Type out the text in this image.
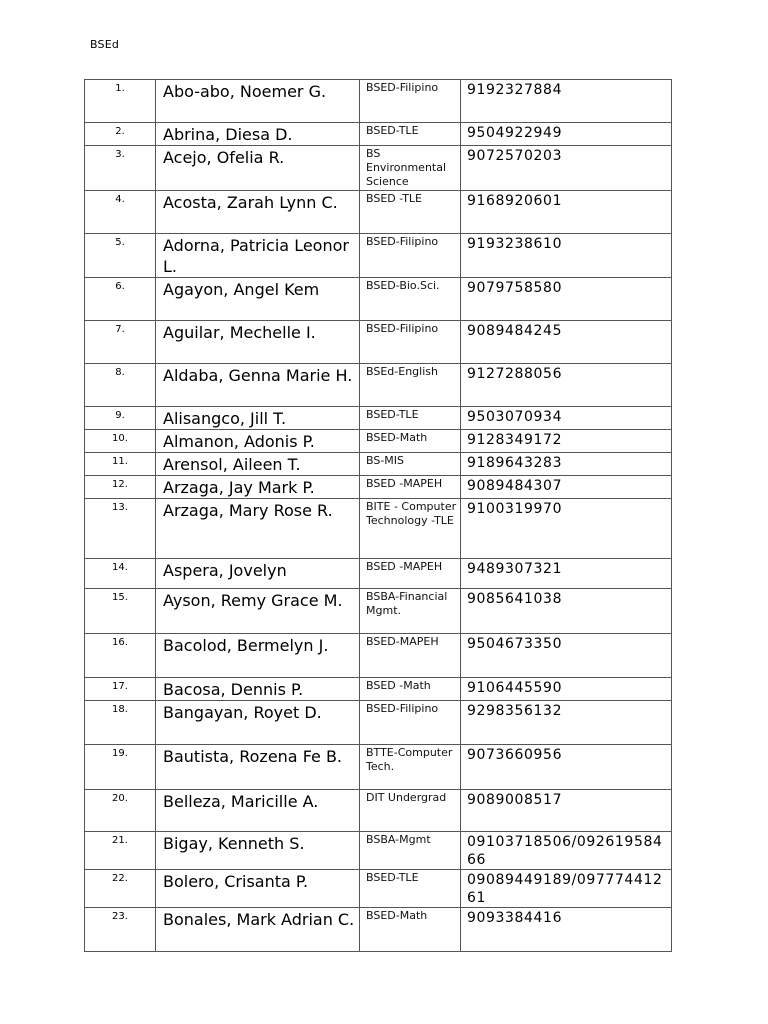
BSEd
1.	Abo-abo, Noemer G.	BSED-Filipino	9192327884
2.	Abrina, Diesa D.	BSED-TLE	9504922949
3.	Acejo, Ofelia R.	BS Environmental Science	9072570203
4.	Acosta, Zarah Lynn C.	BSED -TLE	9168920601
5.	Adorna, Patricia Leonor L.	BSED-Filipino	9193238610
6.	Agayon, Angel Kem	BSED-Bio.Sci.	9079758580
7.	Aguilar, Mechelle I.	BSED-Filipino	9089484245
8.	Aldaba, Genna Marie H.	BSEd-English	9127288056
9.	Alisangco, Jill T.	BSED-TLE	9503070934
10.	Almanon, Adonis P.	BSED-Math	9128349172
11.	Arensol, Aileen T.	BS-MIS	9189643283
12.	Arzaga, Jay Mark P.	BSED -MAPEH	9089484307
13.	Arzaga, Mary Rose R.	BITE - Computer Technology -TLE	9100319970
14.	Aspera, Jovelyn	BSED -MAPEH	9489307321
15.	Ayson, Remy Grace M.	BSBA-Financial Mgmt.	9085641038
16.	Bacolod, Bermelyn J.	BSED-MAPEH	9504673350
17.	Bacosa, Dennis P.	BSED -Math	9106445590
18.	Bangayan, Royet D.	BSED-Filipino	9298356132
19.	Bautista, Rozena Fe B.	BTTE-Computer Tech.	9073660956
20.	Belleza, Maricille A.	DIT Undergrad	9089008517
21.	Bigay, Kenneth S.	BSBA-Mgmt	09103718506/09261958466
22.	Bolero, Crisanta P.	BSED-TLE	09089449189/09777441261
23.	Bonales, Mark Adrian C.	BSED-Math	9093384416
